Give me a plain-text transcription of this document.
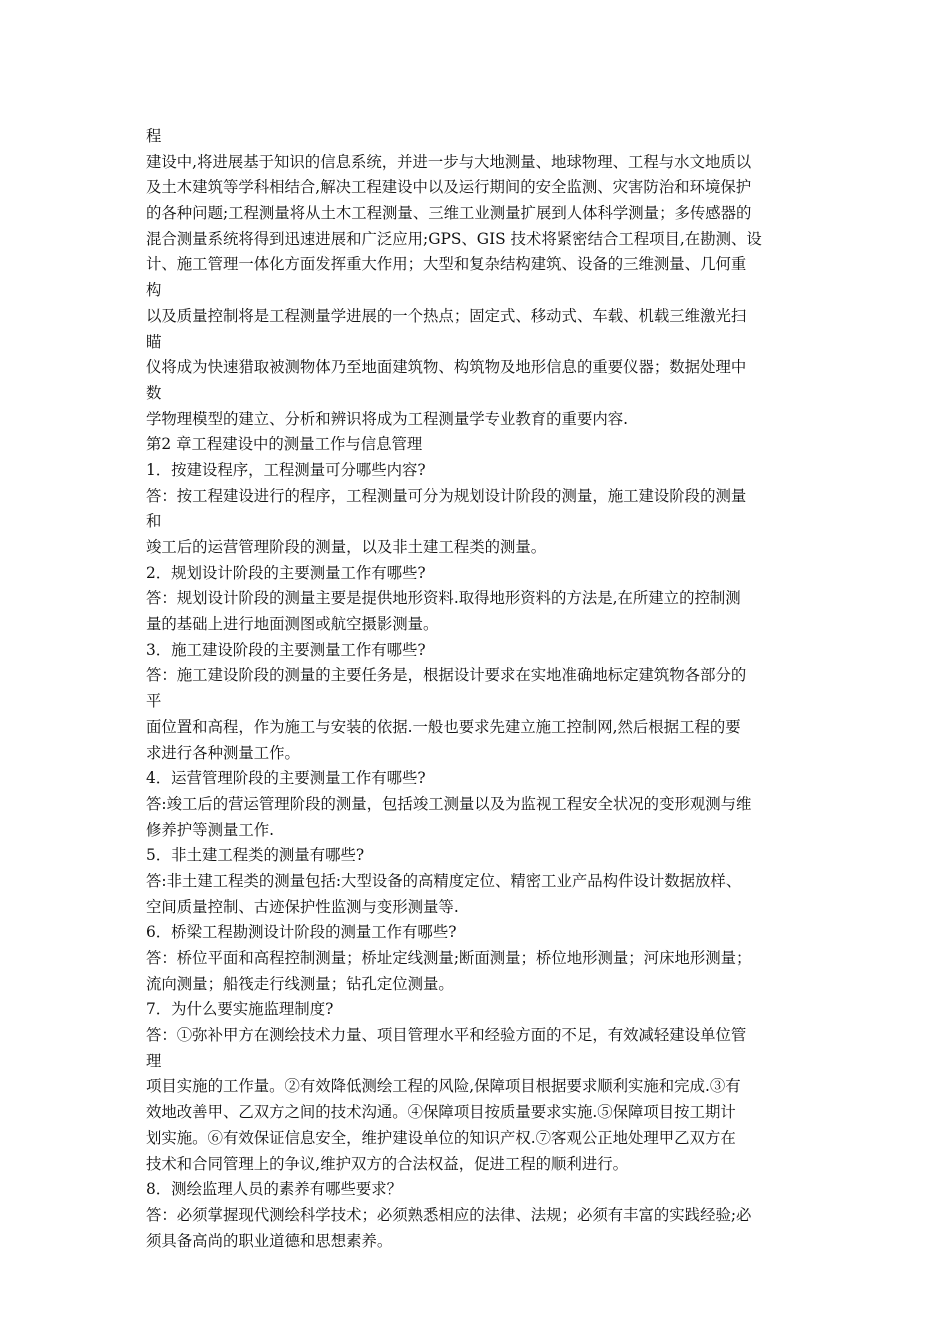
程

建设中,将进展基于知识的信息系统，并进一步与大地测量、地球物理、工程与水文地质以

及土木建筑等学科相结合,解决工程建设中以及运行期间的安全监测、灾害防治和环境保护

的各种问题;工程测量将从土木工程测量、三维工业测量扩展到人体科学测量；多传感器的

混合测量系统将得到迅速进展和广泛应用;GPS、GIS 技术将紧密结合工程项目,在勘测、设

计、施工管理一体化方面发挥重大作用；大型和复杂结构建筑、设备的三维测量、几何重

构

以及质量控制将是工程测量学进展的一个热点；固定式、移动式、车载、机载三维激光扫

瞄

仪将成为快速猎取被测物体乃至地面建筑物、构筑物及地形信息的重要仪器；数据处理中

数

学物理模型的建立、分析和辨识将成为工程测量学专业教育的重要内容.

第2 章工程建设中的测量工作与信息管理

1．按建设程序，工程测量可分哪些内容?

答：按工程建设进行的程序，工程测量可分为规划设计阶段的测量，施工建设阶段的测量

和

竣工后的运营管理阶段的测量，以及非土建工程类的测量。

2．规划设计阶段的主要测量工作有哪些?

答：规划设计阶段的测量主要是提供地形资料.取得地形资料的方法是,在所建立的控制测

量的基础上进行地面测图或航空摄影测量。

3．施工建设阶段的主要测量工作有哪些?

答：施工建设阶段的测量的主要任务是，根据设计要求在实地准确地标定建筑物各部分的

平

面位置和高程，作为施工与安装的依据.一般也要求先建立施工控制网,然后根据工程的要

求进行各种测量工作。

4．运营管理阶段的主要测量工作有哪些?

答:竣工后的营运管理阶段的测量，包括竣工测量以及为监视工程安全状况的变形观测与维

修养护等测量工作.

5．非土建工程类的测量有哪些?

答:非土建工程类的测量包括:大型设备的高精度定位、精密工业产品构件设计数据放样、

空间质量控制、古迹保护性监测与变形测量等.

6．桥梁工程勘测设计阶段的测量工作有哪些?

答：桥位平面和高程控制测量；桥址定线测量;断面测量；桥位地形测量；河床地形测量；

流向测量；船筏走行线测量；钻孔定位测量。

7．为什么要实施监理制度?

答：①弥补甲方在测绘技术力量、项目管理水平和经验方面的不足，有效减轻建设单位管

理

项目实施的工作量。②有效降低测绘工程的风险,保障项目根据要求顺利实施和完成.③有

效地改善甲、乙双方之间的技术沟通。④保障项目按质量要求实施.⑤保障项目按工期计

划实施。⑥有效保证信息安全，维护建设单位的知识产权.⑦客观公正地处理甲乙双方在

技术和合同管理上的争议,维护双方的合法权益，促进工程的顺利进行。

8．测绘监理人员的素养有哪些要求？

答：必须掌握现代测绘科学技术；必须熟悉相应的法律、法规；必须有丰富的实践经验;必

须具备高尚的职业道德和思想素养。
